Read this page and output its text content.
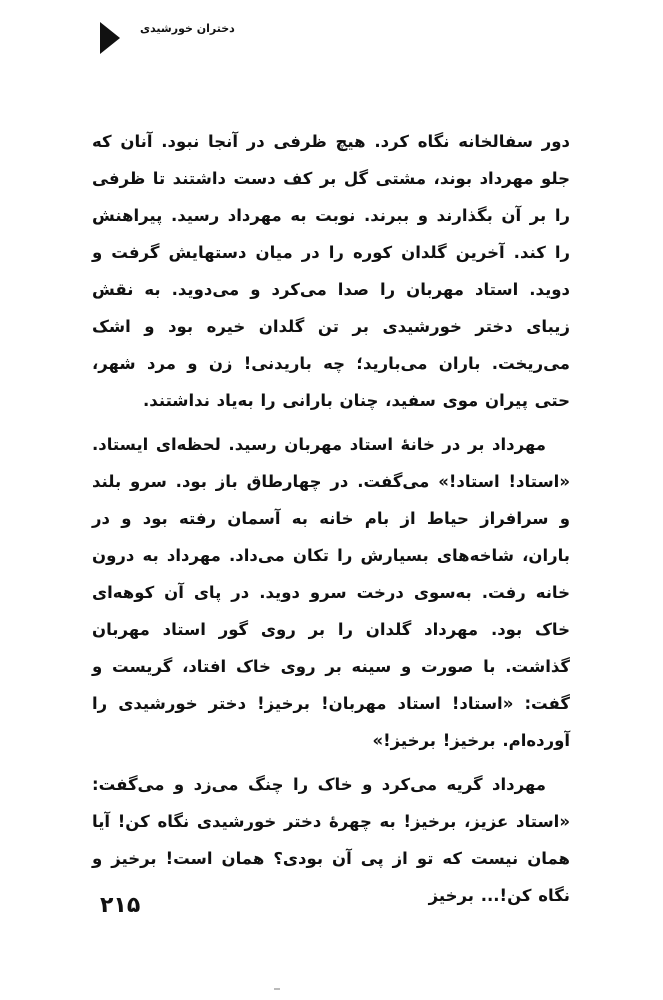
دختران خورشیدی

دور سفالخانه نگاه کرد. هیچ ظرفی در آنجا نبود. آنان که جلو مهرداد بوند، مشتی گل بر کف دست داشتند تا ظرفی را بر آن بگذارند و ببرند. نوبت به مهرداد رسید. پیراهنش را کند. آخرین گلدان کوره را در میان دستهایش گرفت و دوید. استاد مهربان را صدا می‌کرد و می‌دوید. به نقش زیبای دختر خورشیدی بر تن گلدان خیره بود و اشک می‌ریخت. باران می‌بارید؛ چه باریدنی! زن و مرد شهر، حتی پیران موی سفید، چنان بارانی را به‌یاد نداشتند.

مهرداد بر در خانهٔ استاد مهربان رسید. لحظه‌ای ایستاد. «استاد! استاد!» می‌گفت. در چهارطاق باز بود. سرو بلند و سرافراز حیاط از بام خانه به آسمان رفته بود و در باران، شاخه‌های بسیارش را تکان می‌داد. مهرداد به درون خانه رفت. به‌سوی درخت سرو دوید. در پای آن کوهه‌ای خاک بود. مهرداد گلدان را بر روی گور استاد مهربان گذاشت. با صورت و سینه بر روی خاک افتاد، گریست و گفت: «استاد! استاد مهربان! برخیز! دختر خورشیدی را آورده‌ام. برخیز! برخیز!»

مهرداد گریه می‌کرد و خاک را چنگ می‌زد و می‌گفت: «استاد عزیز، برخیز! به چهرهٔ دختر خورشیدی نگاه کن! آیا همان نیست که تو از پی آن بودی؟ همان است! برخیز و نگاه کن!... برخیز

۲۱۵
